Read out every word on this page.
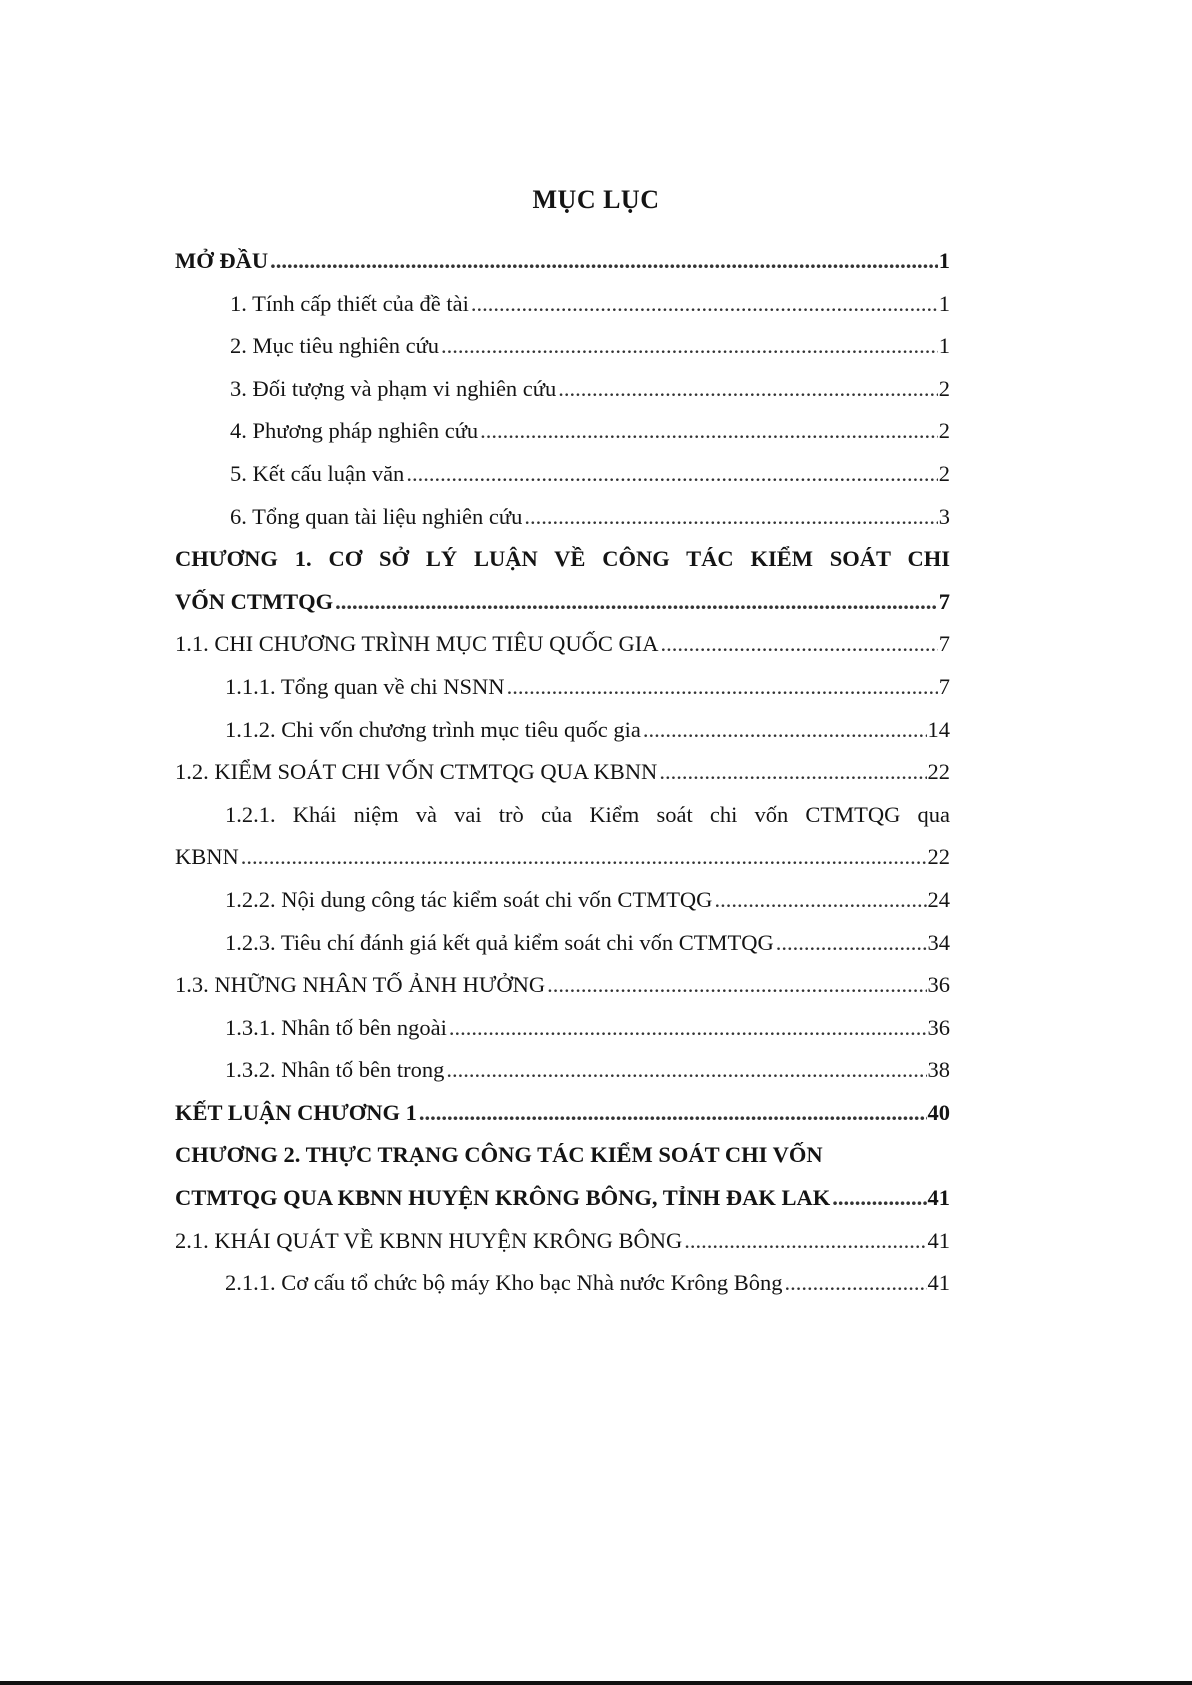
MỤC LỤC
MỞ ĐẦU .....	1
1. Tính cấp thiết của đề tài .....	1
2. Mục tiêu nghiên cứu .....	1
3. Đối tượng và phạm vi nghiên cứu .....	2
4. Phương pháp nghiên cứu .....	2
5. Kết cấu luận văn .....	2
6. Tổng quan tài liệu nghiên cứu .....	3
CHƯƠNG 1. CƠ SỞ LÝ LUẬN VỀ CÔNG TÁC KIỂM SOÁT CHI
VỐN CTMTQG .....	7
1.1. CHI CHƯƠNG TRÌNH MỤC TIÊU QUỐC GIA .....	7
1.1.1. Tổng quan về chi NSNN .....	7
1.1.2. Chi vốn chương trình mục tiêu quốc gia .....	14
1.2. KIỂM SOÁT CHI VỐN CTMTQG QUA KBNN .....	22
1.2.1. Khái niệm và vai trò của Kiểm soát chi vốn CTMTQG qua
KBNN .....	22
1.2.2. Nội dung công tác kiểm soát chi vốn CTMTQG .....	24
1.2.3. Tiêu chí đánh giá kết quả kiểm soát chi vốn CTMTQG .....	34
1.3. NHỮNG NHÂN TỐ ẢNH HƯỞNG .....	36
1.3.1. Nhân tố bên ngoài .....	36
1.3.2. Nhân tố bên trong .....	38
KẾT LUẬN CHƯƠNG 1 .....	40
CHƯƠNG 2. THỰC TRẠNG CÔNG TÁC KIỂM SOÁT CHI VỐN
CTMTQG QUA KBNN HUYỆN KRÔNG BÔNG, TỈNH ĐAK LAK .....	41
2.1. KHÁI QUÁT VỀ KBNN HUYỆN KRÔNG BÔNG .....	41
2.1.1. Cơ cấu tổ chức bộ máy Kho bạc Nhà nước Krông Bông .....	41
